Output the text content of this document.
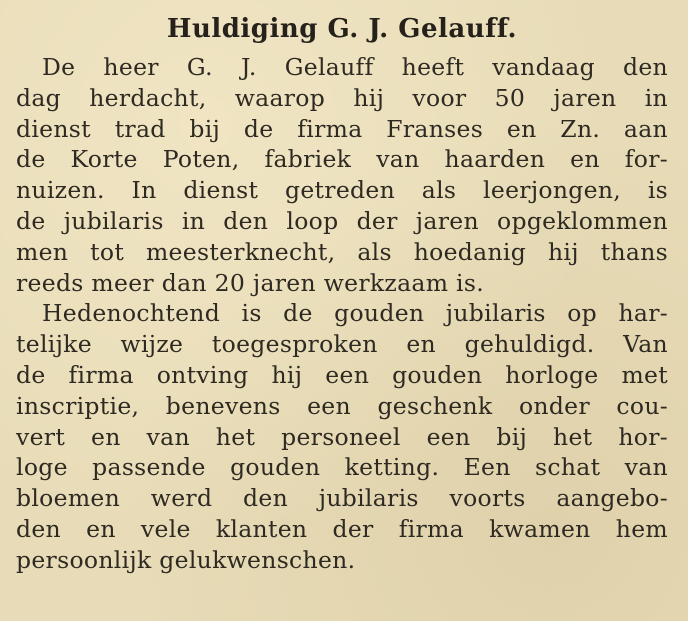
Huldiging G. J. Gelauff.
De heer G. J. Gelauff heeft vandaag den
dag herdacht, waarop hij voor 50 jaren in
dienst trad bij de firma Franses en Zn. aan
de Korte Poten, fabriek van haarden en for-
nuizen. In dienst getreden als leerjongen, is
de jubilaris in den loop der jaren opgeklommen
men tot meesterknecht, als hoedanig hij thans
reeds meer dan 20 jaren werkzaam is.
Hedenochtend is de gouden jubilaris op har-
telijke wijze toegesproken en gehuldigd. Van
de firma ontving hij een gouden horloge met
inscriptie, benevens een geschenk onder cou-
vert en van het personeel een bij het hor-
loge passende gouden ketting. Een schat van
bloemen werd den jubilaris voorts aangebo-
den en vele klanten der firma kwamen hem
persoonlijk gelukwenschen.
